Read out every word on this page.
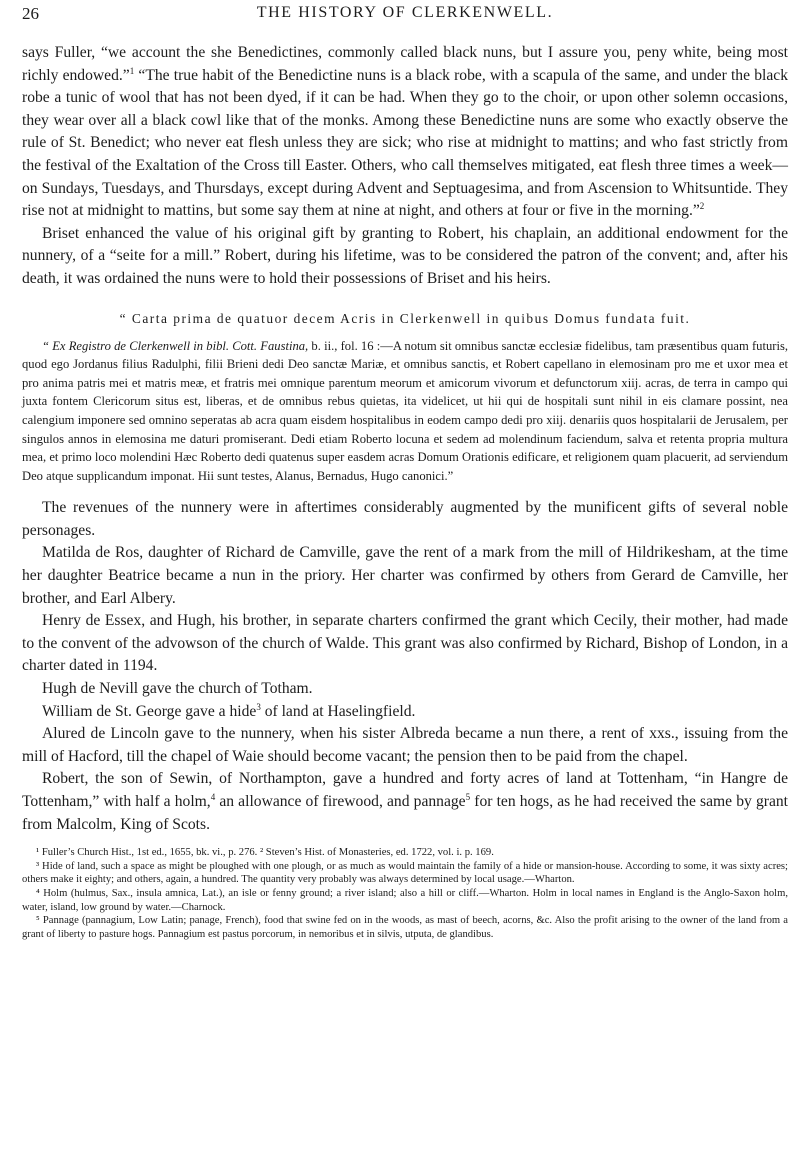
26	THE HISTORY OF CLERKENWELL.

says Fuller, “we account the she Benedictines, commonly called black nuns, but I assure you, peny white, being most richly endowed.”$^1$ “The true habit of the Benedictine nuns is a black robe, with a scapula of the same, and under the black robe a tunic of wool that has not been dyed, if it can be had. When they go to the choir, or upon other solemn occasions, they wear over all a black cowl like that of the monks. Among these Benedictine nuns are some who exactly observe the rule of St. Benedict; who never eat flesh unless they are sick; who rise at midnight to mattins; and who fast strictly from the festival of the Exaltation of the Cross till Easter. Others, who call themselves mitigated, eat flesh three times a week—on Sundays, Tuesdays, and Thursdays, except during Advent and Septuagesima, and from Ascension to Whitsuntide. They rise not at midnight to mattins, but some say them at nine at night, and others at four or five in the morning.”$^2$

Briset enhanced the value of his original gift by granting to Robert, his chaplain, an additional endowment for the nunnery, of a “seite for a mill.” Robert, during his lifetime, was to be considered the patron of the convent; and, after his death, it was ordained the nuns were to hold their possessions of Briset and his heirs.

“ Carta prima de quatuor decem Acris in Clerkenwell in quibus Domus fundata fuit.

“ Ex Registro de Clerkenwell in bibl. Cott. Faustina, b. ii., fol. 16 :—A notum sit omnibus sanctæ ecclesiæ fidelibus, tam præsentibus quam futuris, quod ego Jordanus filius Radulphi, filii Brieni dedi Deo sanctæ Mariæ, et omnibus sanctis, et Robert capellano in elemosinam pro me et uxor mea et pro anima patris mei et matris meæ, et fratris mei omnique parentum meorum et amicorum vivorum et defunctorum xiij. acras, de terra in campo qui juxta fontem Clericorum situs est, liberas, et de omnibus rebus quietas, ita videlicet, ut hii qui de hospitali sunt nihil in eis clamare possint, nea calengium imponere sed omnino seperatas ab acra quam eisdem hospitalibus in eodem campo dedi pro xiij. denariis quos hospitalarii de Jerusalem, per singulos annos in elemosina me daturi promiserant. Dedi etiam Roberto locuna et sedem ad molendinum faciendum, salva et retenta propria multura mea, et primo loco molendini Hæc Roberto dedi quatenus super easdem acras Domum Orationis edificare, et religionem quam placuerit, ad serviendum Deo atque supplicandum imponat. Hii sunt testes, Alanus, Bernadus, Hugo canonici.”

The revenues of the nunnery were in aftertimes considerably augmented by the munificent gifts of several noble personages.

Matilda de Ros, daughter of Richard de Camville, gave the rent of a mark from the mill of Hildrikesham, at the time her daughter Beatrice became a nun in the priory. Her charter was confirmed by others from Gerard de Camville, her brother, and Earl Albery.

Henry de Essex, and Hugh, his brother, in separate charters confirmed the grant which Cecily, their mother, had made to the convent of the advowson of the church of Walde. This grant was also confirmed by Richard, Bishop of London, in a charter dated in 1194.

Hugh de Nevill gave the church of Totham.

William de St. George gave a hide$^3$ of land at Haselingfield.

Alured de Lincoln gave to the nunnery, when his sister Albreda became a nun there, a rent of xxs., issuing from the mill of Hacford, till the chapel of Waie should become vacant; the pension then to be paid from the chapel.

Robert, the son of Sewin, of Northampton, gave a hundred and forty acres of land at Tottenham, “in Hangre de Tottenham,” with half a holm,$^4$ an allowance of firewood, and pannage$^5$ for ten hogs, as he had received the same by grant from Malcolm, King of Scots.

¹ Fuller’s Church Hist., 1st ed., 1655, bk. vi., p. 276. ² Steven’s Hist. of Monasteries, ed. 1722, vol. i. p. 169.

³ Hide of land, such a space as might be ploughed with one plough, or as much as would maintain the family of a hide or mansion-house. According to some, it was sixty acres; others make it eighty; and others, again, a hundred. The quantity very probably was always determined by local usage.—Wharton.

⁴ Holm (hulmus, Sax., insula amnica, Lat.), an isle or fenny ground; a river island; also a hill or cliff.—Wharton. Holm in local names in England is the Anglo-Saxon holm, water, island, low ground by water.—Charnock.

⁵ Pannage (pannagium, Low Latin; panage, French), food that swine fed on in the woods, as mast of beech, acorns, &c. Also the profit arising to the owner of the land from a grant of liberty to pasture hogs. Pannagium est pastus porcorum, in nemoribus et in silvis, utputa, de glandibus.
